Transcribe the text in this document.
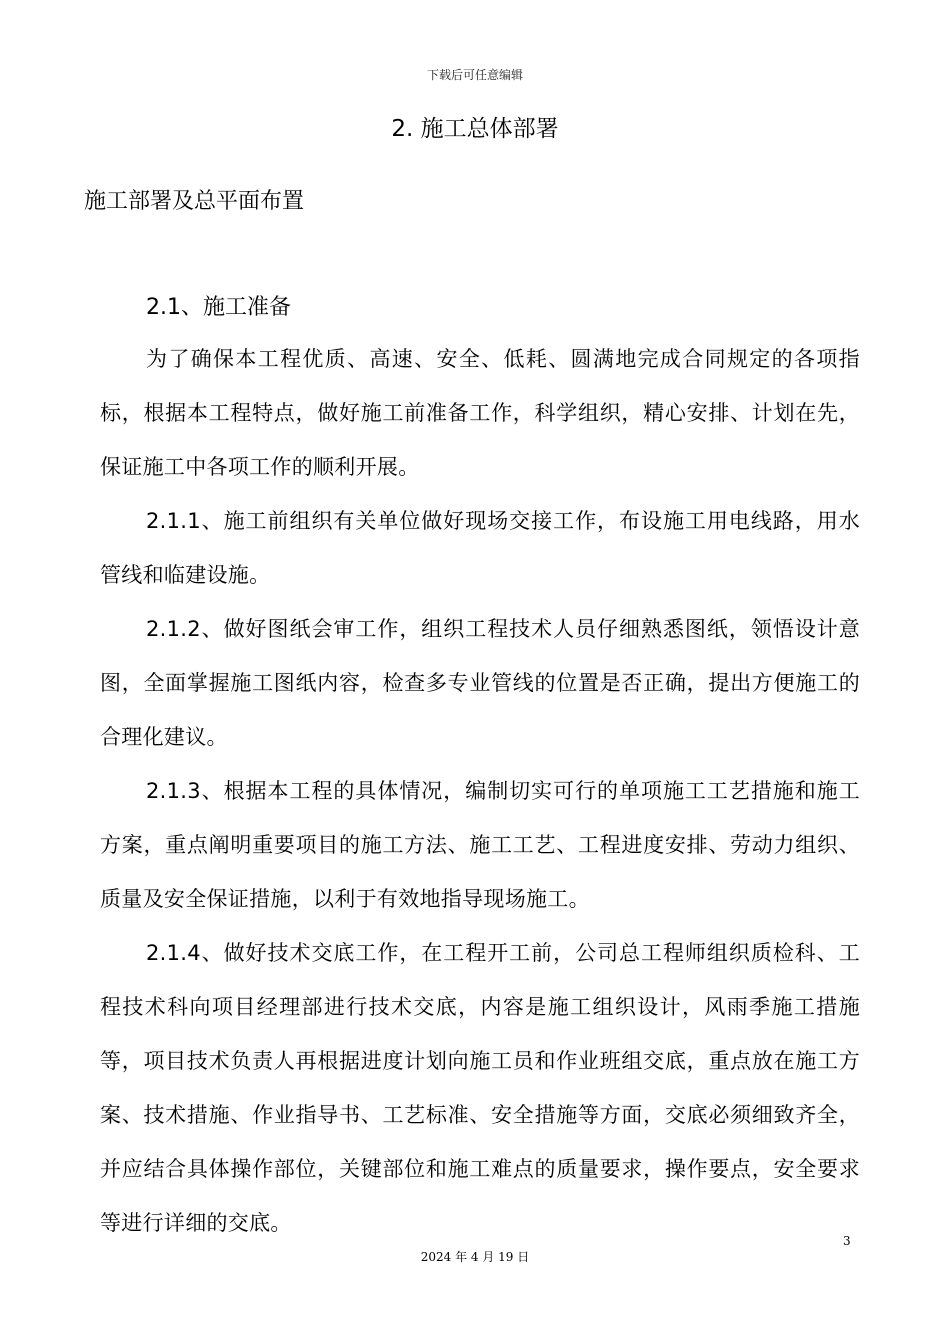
下载后可任意编辑
2. 施工总体部署
施工部署及总平面布置
2.1、施工准备

为了确保本工程优质、高速、安全、低耗、圆满地完成合同规定的各项指标，根据本工程特点，做好施工前准备工作，科学组织，精心安排、计划在先，保证施工中各项工作的顺利开展。

2.1.1、施工前组织有关单位做好现场交接工作，布设施工用电线路，用水管线和临建设施。

2.1.2、做好图纸会审工作，组织工程技术人员仔细熟悉图纸，领悟设计意图，全面掌握施工图纸内容，检查多专业管线的位置是否正确，提出方便施工的合理化建议。

2.1.3、根据本工程的具体情况，编制切实可行的单项施工工艺措施和施工方案，重点阐明重要项目的施工方法、施工工艺、工程进度安排、劳动力组织、质量及安全保证措施，以利于有效地指导现场施工。

2.1.4、做好技术交底工作，在工程开工前，公司总工程师组织质检科、工程技术科向项目经理部进行技术交底，内容是施工组织设计，风雨季施工措施等，项目技术负责人再根据进度计划向施工员和作业班组交底，重点放在施工方案、技术措施、作业指导书、工艺标准、安全措施等方面，交底必须细致齐全，并应结合具体操作部位，关键部位和施工难点的质量要求，操作要点，安全要求等进行详细的交底。

3
2024 年 4 月 19 日
